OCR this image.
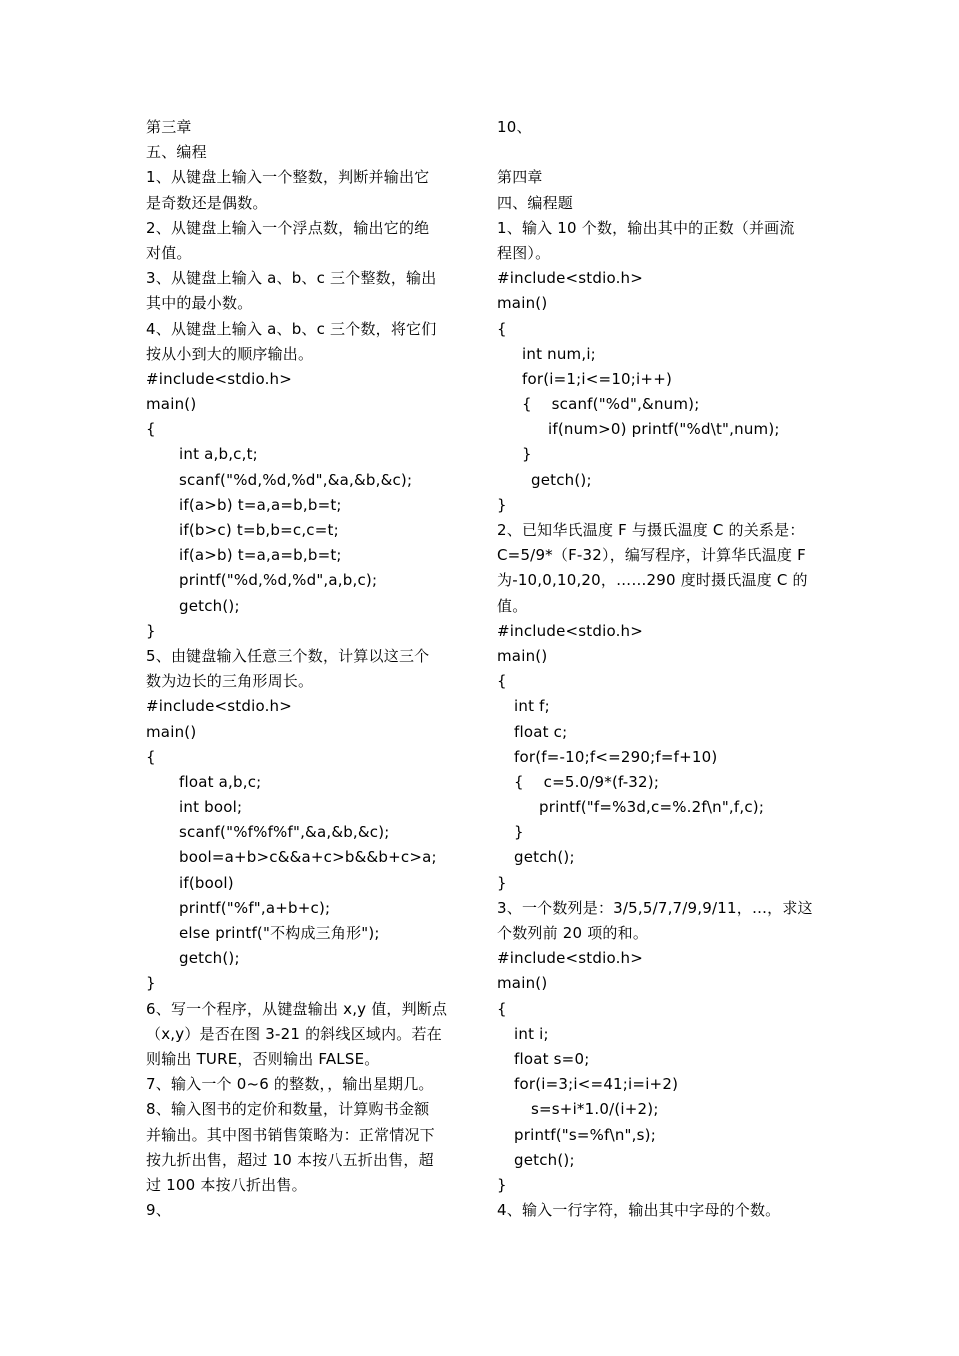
第三章
五、编程
1、从键盘上输入一个整数，判断并输出它
是奇数还是偶数。
2、从键盘上输入一个浮点数，输出它的绝
对值。
3、从键盘上输入 a、b、c 三个整数，输出
其中的最小数。
4、从键盘上输入 a、b、c 三个数，将它们
按从小到大的顺序输出。
#include<stdio.h>
main()
{
int a,b,c,t;
scanf("%d,%d,%d",&a,&b,&c);
if(a>b) t=a,a=b,b=t;
if(b>c) t=b,b=c,c=t;
if(a>b) t=a,a=b,b=t;
printf("%d,%d,%d",a,b,c);
getch();
}
5、由键盘输入任意三个数，计算以这三个
数为边长的三角形周长。
#include<stdio.h>
main()
{
float a,b,c;
int bool;
scanf("%f%f%f",&a,&b,&c);
bool=a+b>c&&a+c>b&&b+c>a;
if(bool)
printf("%f",a+b+c);
else printf("不构成三角形");
getch();
}
6、写一个程序，从键盘输出 x,y 值，判断点
（x,y）是否在图 3-21 的斜线区域内。若在
则输出 TURE，否则输出 FALSE。
7、输入一个 0~6 的整数，，输出星期几。
8、输入图书的定价和数量，计算购书金额
并输出。其中图书销售策略为：正常情况下
按九折出售，超过 10 本按八五折出售，超
过 100 本按八折出售。
9、
10、
第四章
四、编程题
1、输入 10 个数，输出其中的正数（并画流
程图）。
#include<stdio.h>
main()
{
int num,i;
for(i=1;i<=10;i++)
{    scanf("%d",&num);
if(num>0) printf("%d\t",num);
}
getch();
}
2、已知华氏温度 F 与摄氏温度 C 的关系是：
C=5/9*（F-32），编写程序，计算华氏温度 F
为-10,0,10,20，……290 度时摄氏温度 C 的
值。
#include<stdio.h>
main()
{
int f;
float c;
for(f=-10;f<=290;f=f+10)
{    c=5.0/9*(f-32);
printf("f=%3d,c=%.2f\n",f,c);
}
getch();
}
3、一个数列是：3/5,5/7,7/9,9/11，…，求这
个数列前 20 项的和。
#include<stdio.h>
main()
{
int i;
float s=0;
for(i=3;i<=41;i=i+2)
s=s+i*1.0/(i+2);
printf("s=%f\n",s);
getch();
}
4、输入一行字符，输出其中字母的个数。
